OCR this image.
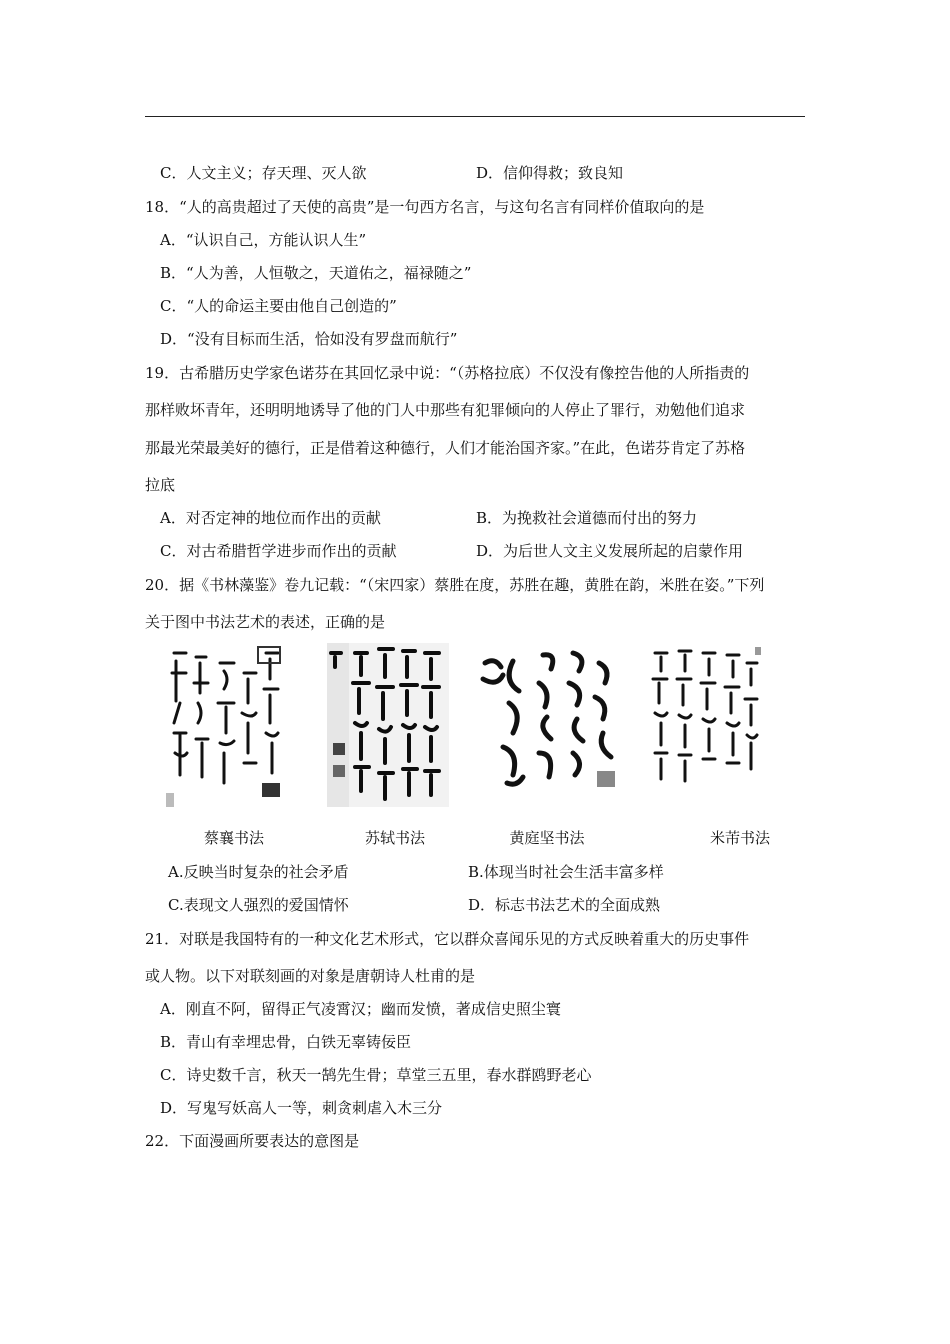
C．人文主义；存天理、灭人欲	D．信仰得救；致良知
18．“人的高贵超过了天使的高贵”是一句西方名言，与这句名言有同样价值取向的是
A．“认识自己，方能认识人生”
B．“人为善，人恒敬之，天道佑之，福禄随之”
C．“人的命运主要由他自己创造的”
D．“没有目标而生活，恰如没有罗盘而航行”
19．古希腊历史学家色诺芬在其回忆录中说：“（苏格拉底）不仅没有像控告他的人所指责的
那样败坏青年，还明明地诱导了他的门人中那些有犯罪倾向的人停止了罪行，劝勉他们追求
那最光荣最美好的德行，正是借着这种德行，人们才能治国齐家。”在此，色诺芬肯定了苏格
拉底
A．对否定神的地位而作出的贡献	B．为挽救社会道德而付出的努力
C．对古希腊哲学进步而作出的贡献	D．为后世人文主义发展所起的启蒙作用
20．据《书林藻鉴》卷九记载：“（宋四家）蔡胜在度，苏胜在趣，黄胜在韵，米胜在姿。”下列
关于图中书法艺术的表述，正确的是
蔡襄书法	苏轼书法	黄庭坚书法	米芾书法
A.反映当时复杂的社会矛盾	B.体现当时社会生活丰富多样
C.表现文人强烈的爱国情怀	D．标志书法艺术的全面成熟
21．对联是我国特有的一种文化艺术形式，它以群众喜闻乐见的方式反映着重大的历史事件
或人物。以下对联刻画的对象是唐朝诗人杜甫的是
A．刚直不阿，留得正气凌霄汉；幽而发愤，著成信史照尘寰
B．青山有幸埋忠骨，白铁无辜铸佞臣
C．诗史数千言，秋天一鹄先生骨；草堂三五里，春水群鸥野老心
D．写鬼写妖高人一等，刺贪刺虐入木三分
22．下面漫画所要表达的意图是
